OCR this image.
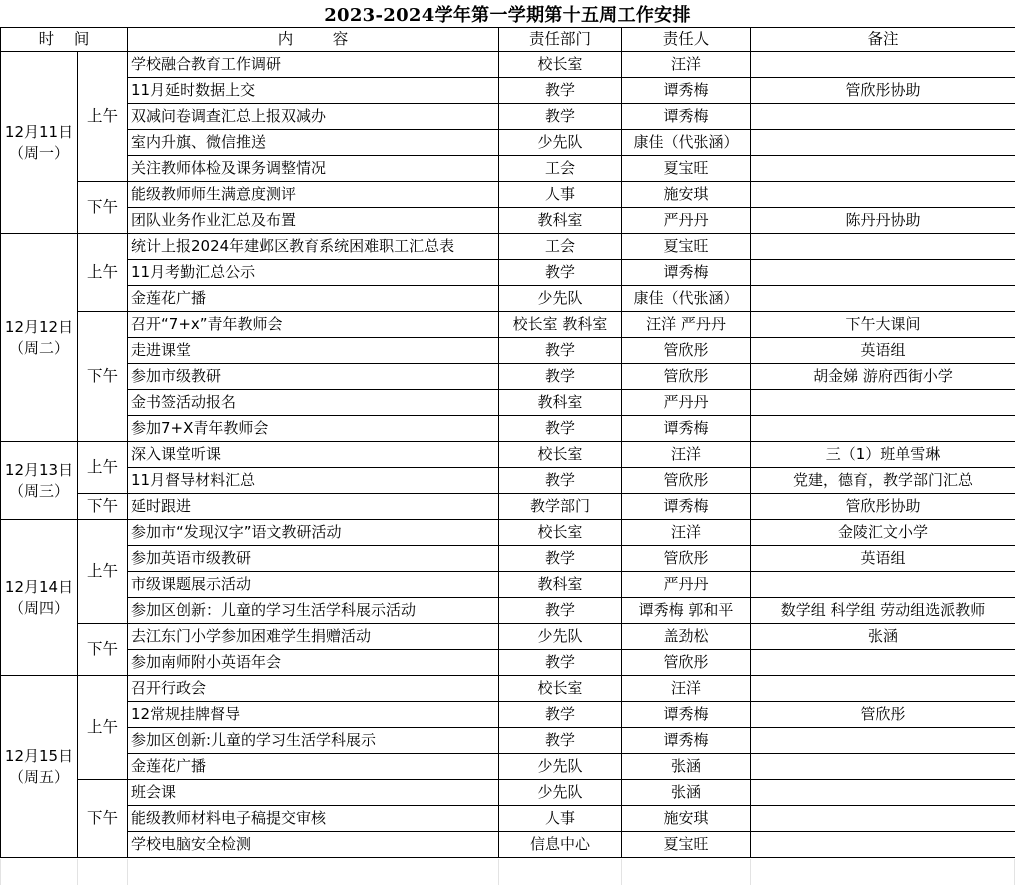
2023-2024学年第一学期第十五周工作安排
时    间		内        容	责任部门	责任人	备注
12月11日（周一）	上午	学校融合教育工作调研	校长室	汪洋	
		11月延时数据上交	教学	谭秀梅	管欣彤协助
		双减问卷调查汇总上报双减办	教学	谭秀梅	
		室内升旗、微信推送	少先队	康佳（代张涵）	
		关注教师体检及课务调整情况	工会	夏宝旺	
	下午	能级教师师生满意度测评	人事	施安琪	
		团队业务作业汇总及布置	教科室	严丹丹	陈丹丹协助
12月12日（周二）	上午	统计上报2024年建邺区教育系统困难职工汇总表	工会	夏宝旺	
		11月考勤汇总公示	教学	谭秀梅	
		金莲花广播	少先队	康佳（代张涵）	
	下午	召开“7+x”青年教师会	校长室 教科室	汪洋 严丹丹	下午大课间
		走进课堂	教学	管欣彤	英语组
		参加市级教研	教学	管欣彤	胡金娣 游府西街小学
		金书签活动报名	教科室	严丹丹	
		参加7+X青年教师会	教学	谭秀梅	
12月13日（周三）	上午	深入课堂听课	校长室	汪洋	三（1）班单雪琳
		11月督导材料汇总	教学	管欣彤	党建，德育，教学部门汇总
	下午	延时跟进	教学部门	谭秀梅	管欣彤协助
12月14日（周四）	上午	参加市“发现汉字”语文教研活动	校长室	汪洋	金陵汇文小学
		参加英语市级教研	教学	管欣彤	英语组
		市级课题展示活动	教科室	严丹丹	
		参加区创新：儿童的学习生活学科展示活动	教学	谭秀梅 郭和平	数学组 科学组 劳动组选派教师
	下午	去江东门小学参加困难学生捐赠活动	少先队	盖劲松	张涵
		参加南师附小英语年会	教学	管欣彤	
12月15日（周五）	上午	召开行政会	校长室	汪洋	
		12常规挂牌督导	教学	谭秀梅	管欣彤
		参加区创新:儿童的学习生活学科展示	教学	谭秀梅	
		金莲花广播	少先队	张涵	
	下午	班会课	少先队	张涵	
		能级教师材料电子稿提交审核	人事	施安琪	
		学校电脑安全检测	信息中心	夏宝旺	
